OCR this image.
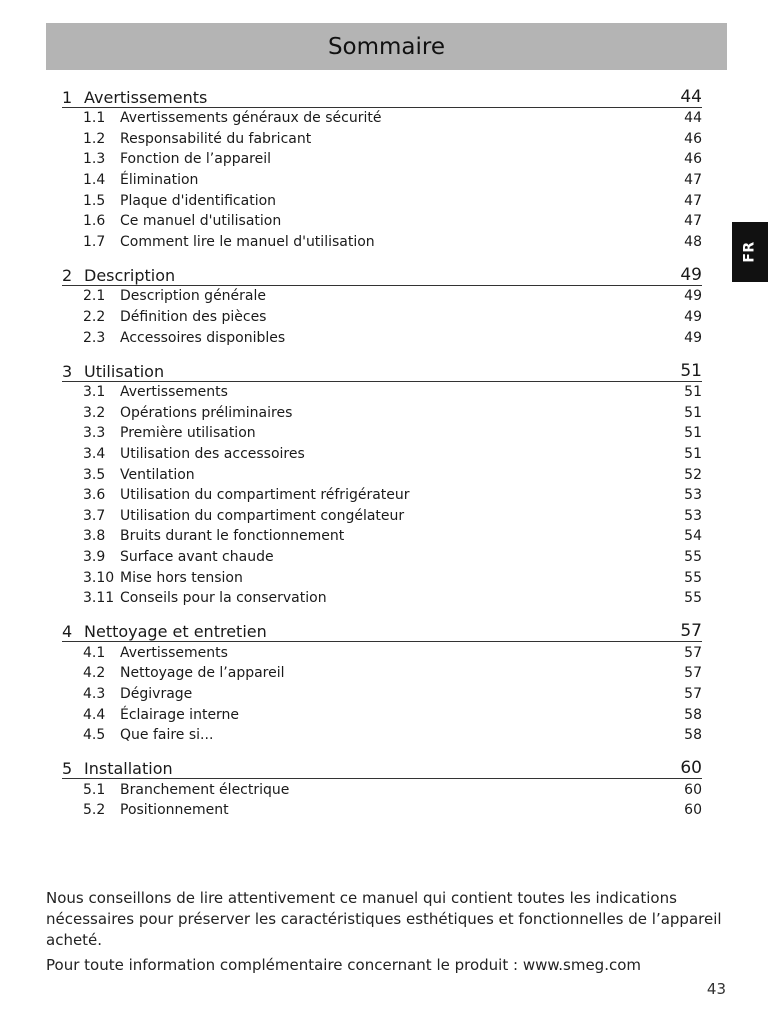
Sommaire
FR
1 Avertissements	44
1.1	Avertissements généraux de sécurité	44
1.2	Responsabilité du fabricant	46
1.3	Fonction de l’appareil	46
1.4	Élimination	47
1.5	Plaque d'identification	47
1.6	Ce manuel d'utilisation	47
1.7	Comment lire le manuel d'utilisation	48
2 Description	49
2.1	Description générale	49
2.2	Définition des pièces	49
2.3	Accessoires disponibles	49
3 Utilisation	51
3.1	Avertissements	51
3.2	Opérations préliminaires	51
3.3	Première utilisation	51
3.4	Utilisation des accessoires	51
3.5	Ventilation	52
3.6	Utilisation du compartiment réfrigérateur	53
3.7	Utilisation du compartiment congélateur	53
3.8	Bruits durant le fonctionnement	54
3.9	Surface avant chaude	55
3.10 Mise hors tension	55
3.11 Conseils pour la conservation	55
4 Nettoyage et entretien	57
4.1	Avertissements	57
4.2	Nettoyage de l’appareil	57
4.3	Dégivrage	57
4.4	Éclairage interne	58
4.5	Que faire si...	58
5 Installation	60
5.1	Branchement électrique	60
5.2	Positionnement	60

Nous conseillons de lire attentivement ce manuel qui contient toutes les indications nécessaires pour préserver les caractéristiques esthétiques et fonctionnelles de l’appareil acheté.

Pour toute information complémentaire concernant le produit : www.smeg.com

43
